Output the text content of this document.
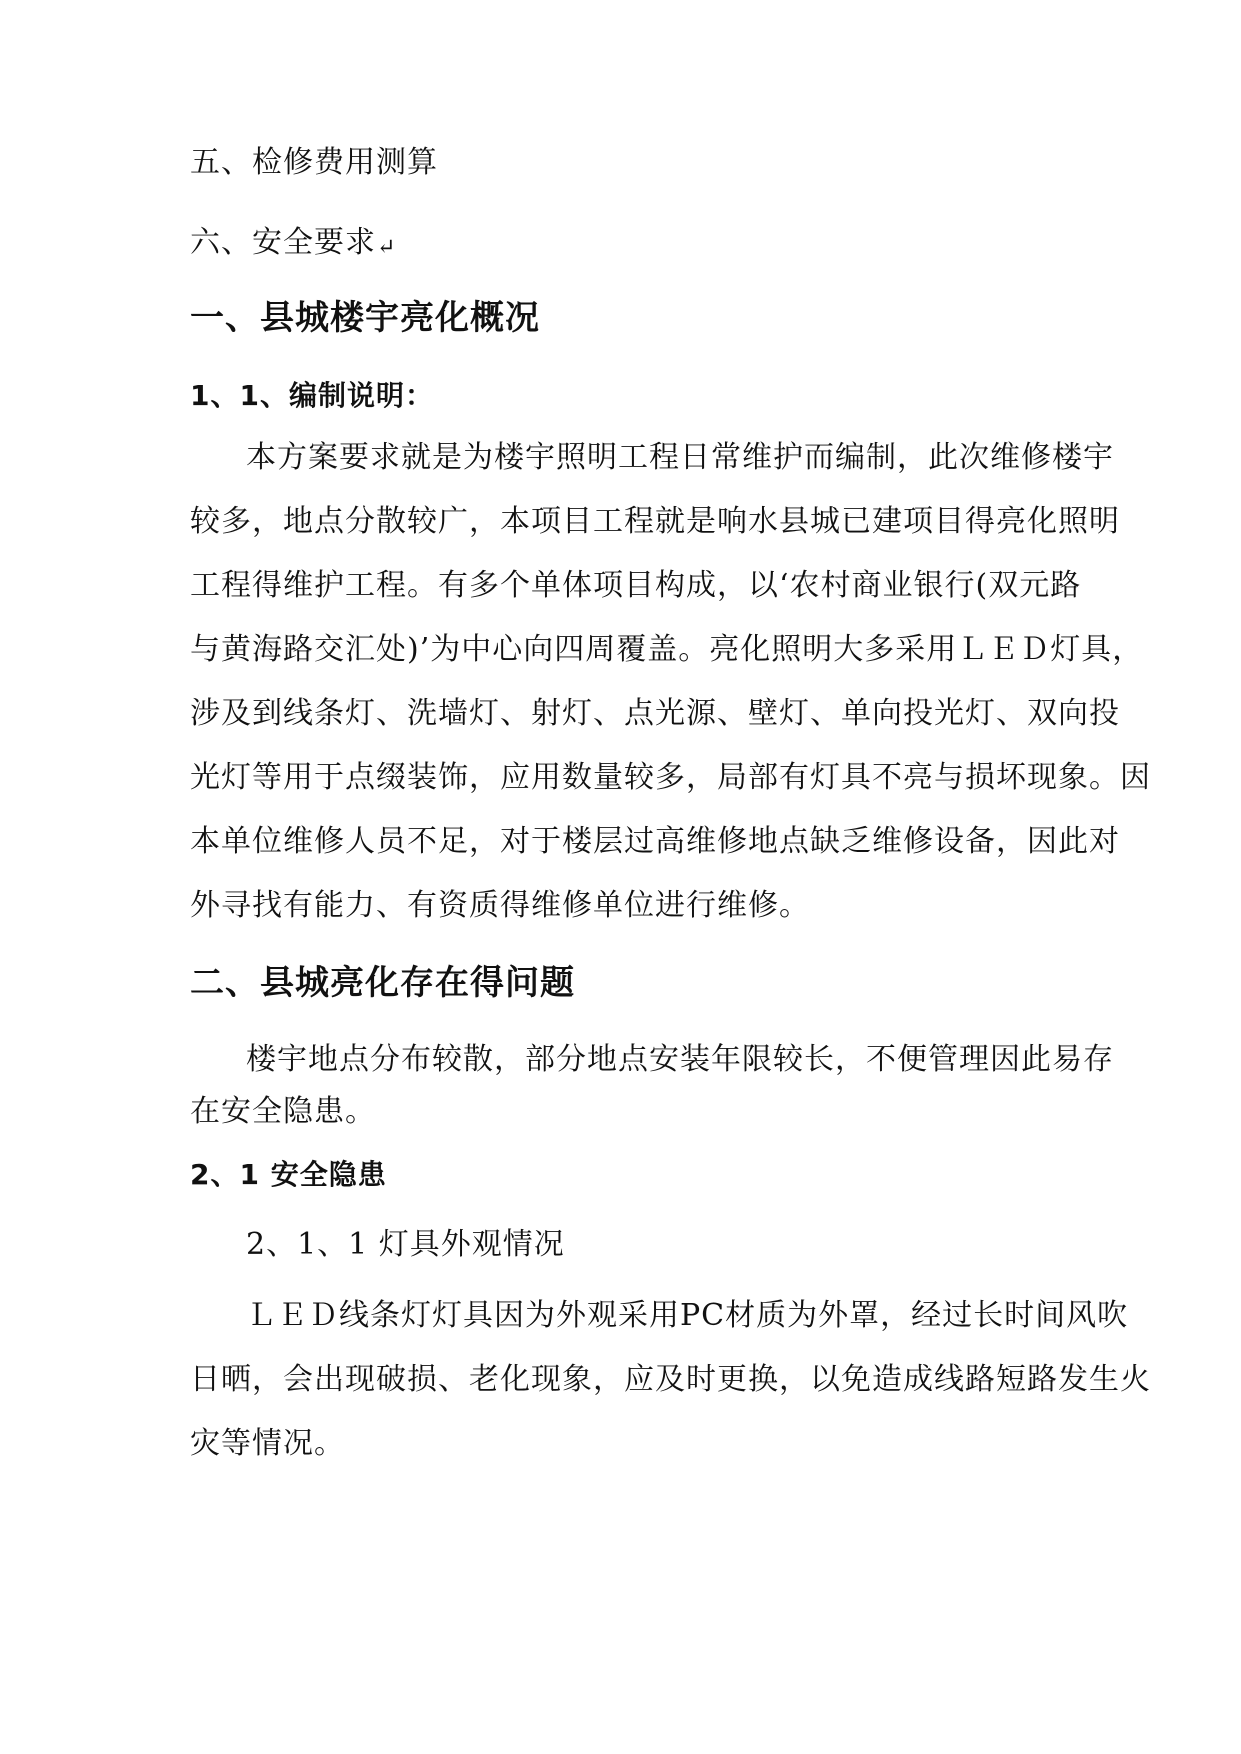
五、检修费用测算

六、安全要求↵

一、县城楼宇亮化概况
1、1、编制说明：

本方案要求就是为楼宇照明工程日常维护而编制，此次维修楼宇

较多，地点分散较广，本项目工程就是响水县城已建项目得亮化照明

工程得维护工程。有多个单体项目构成，以‘农村商业银行(双元路

与黄海路交汇处)’为中心向四周覆盖。亮化照明大多采用ＬＥＤ灯具，

涉及到线条灯、洗墙灯、射灯、点光源、壁灯、单向投光灯、双向投

光灯等用于点缀装饰，应用数量较多，局部有灯具不亮与损坏现象。因

本单位维修人员不足，对于楼层过高维修地点缺乏维修设备，因此对

外寻找有能力、有资质得维修单位进行维修。

二、县城亮化存在得问题

楼宇地点分布较散，部分地点安装年限较长，不便管理因此易存

在安全隐患。

2、1 安全隐患

2、1、1 灯具外观情况

ＬＥＤ线条灯灯具因为外观采用PC材质为外罩，经过长时间风吹

日晒，会出现破损、老化现象，应及时更换，以免造成线路短路发生火

灾等情况。
